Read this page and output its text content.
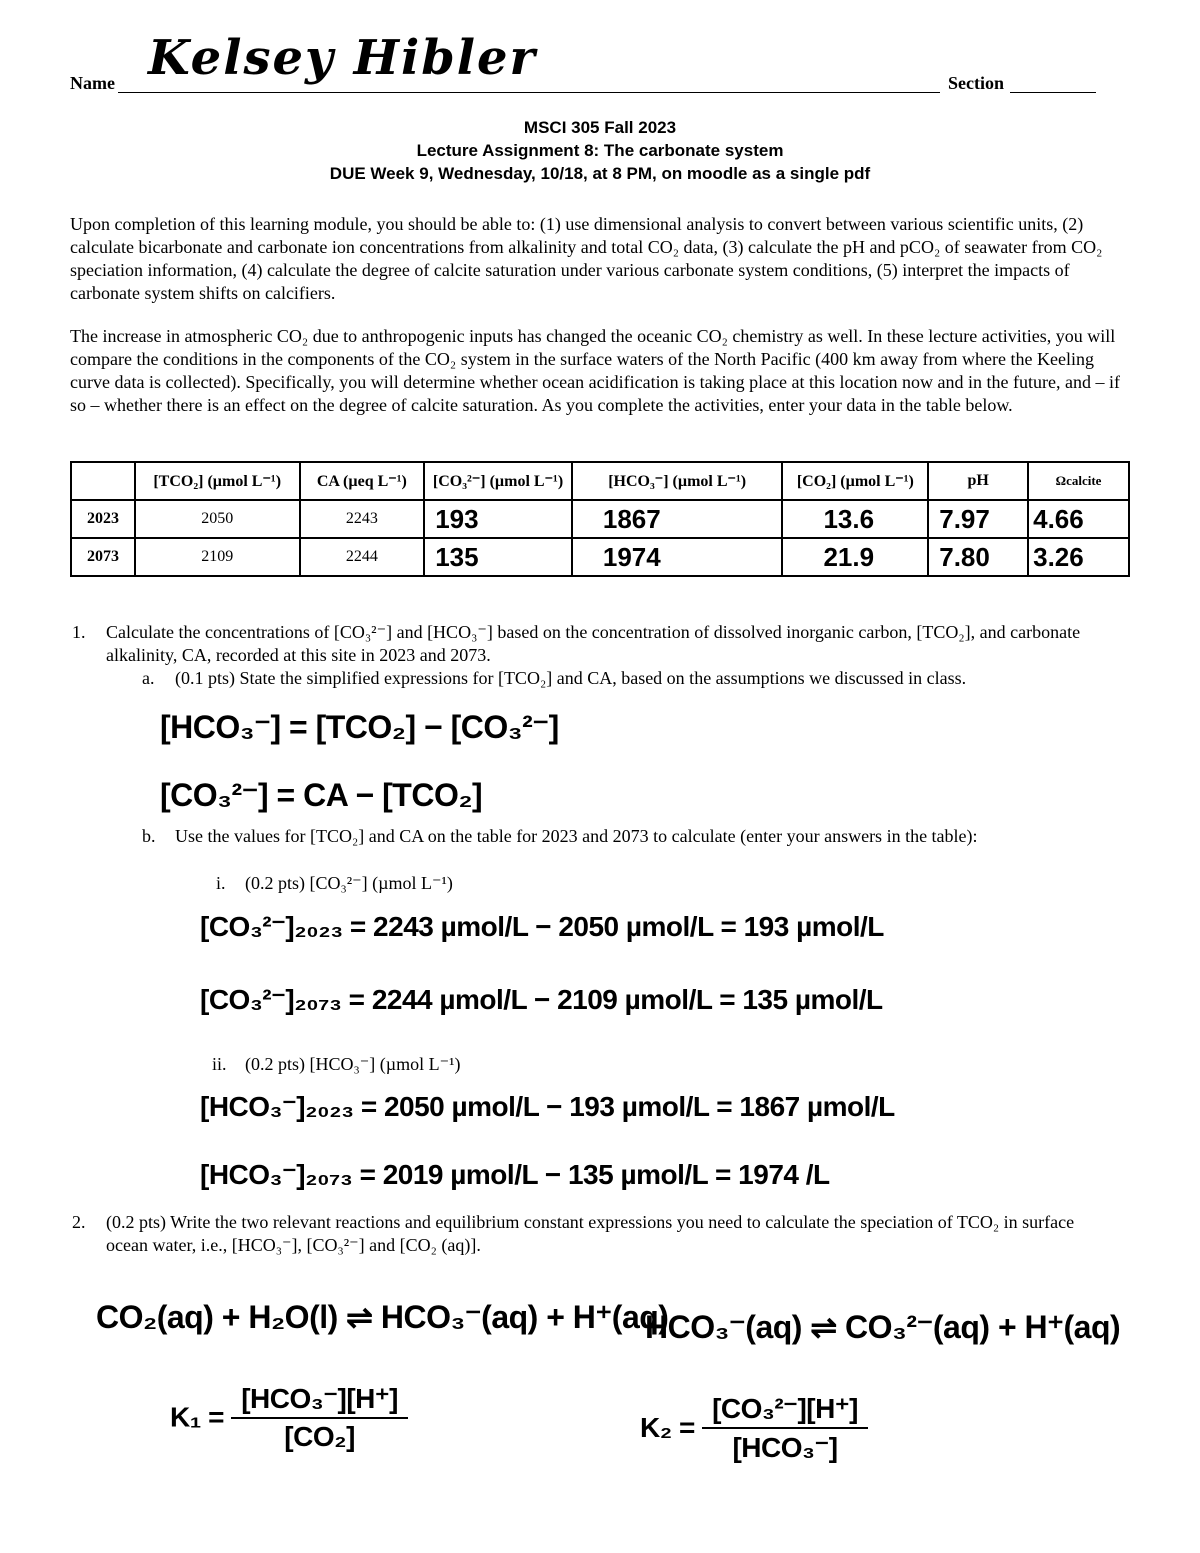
Name Kelsey Hibler	Section
MSCI 305 Fall 2023
Lecture Assignment 8: The carbonate system
DUE Week 9, Wednesday, 10/18, at 8 PM, on moodle as a single pdf
Upon completion of this learning module, you should be able to: (1) use dimensional analysis to convert between various scientific units, (2) calculate bicarbonate and carbonate ion concentrations from alkalinity and total CO₂ data, (3) calculate the pH and pCO₂ of seawater from CO₂ speciation information, (4) calculate the degree of calcite saturation under various carbonate system conditions, (5) interpret the impacts of carbonate system shifts on calcifiers.
The increase in atmospheric CO₂ due to anthropogenic inputs has changed the oceanic CO₂ chemistry as well. In these lecture activities, you will compare the conditions in the components of the CO₂ system in the surface waters of the North Pacific (400 km away from where the Keeling curve data is collected). Specifically, you will determine whether ocean acidification is taking place at this location now and in the future, and – if so – whether there is an effect on the degree of calcite saturation. As you complete the activities, enter your data in the table below.
	[TCO₂] (µmol L⁻¹)	CA (µeq L⁻¹)	[CO₃²⁻] (µmol L⁻¹)	[HCO₃⁻] (µmol L⁻¹)	[CO₂] (µmol L⁻¹)	pH	Ωcalcite
2023	2050	2243	193	1867	13.6	7.97	4.66
2073	2109	2244	135	1974	21.9	7.80	3.26
1. Calculate the concentrations of [CO₃²⁻] and [HCO₃⁻] based on the concentration of dissolved inorganic carbon, [TCO₂], and carbonate alkalinity, CA, recorded at this site in 2023 and 2073.
a. (0.1 pts) State the simplified expressions for [TCO₂] and CA, based on the assumptions we discussed in class.
[HCO₃⁻] = [TCO₂] − [CO₃²⁻]
[CO₃²⁻] = CA − [TCO₂]
b. Use the values for [TCO₂] and CA on the table for 2023 and 2073 to calculate (enter your answers in the table):
i. (0.2 pts) [CO₃²⁻] (µmol L⁻¹)
[CO₃²⁻]₂₀₂₃ = 2243 µmol/L − 2050 µmol/L = 193 µmol/L
[CO₃²⁻]₂₀₇₃ = 2244 µmol/L − 2109 µmol/L = 135 µmol/L
ii. (0.2 pts) [HCO₃⁻] (µmol L⁻¹)
[HCO₃⁻]₂₀₂₃ = 2050 µmol/L − 193 µmol/L = 1867 µmol/L
[HCO₃⁻]₂₀₇₃ = 2019 µmol/L − 135 µmol/L = 1974 /L
2. (0.2 pts) Write the two relevant reactions and equilibrium constant expressions you need to calculate the speciation of TCO₂ in surface ocean water, i.e., [HCO₃⁻], [CO₃²⁻] and [CO₂ (aq)].
CO₂(aq) + H₂O(l) ⇌ HCO₃⁻(aq) + H⁺(aq)
HCO₃⁻(aq) ⇌ CO₃²⁻(aq) + H⁺(aq)
$K_1 = \frac{\text{[HCO₃⁻][H⁺]}}{\text{[CO₂]}}$	$K_2 = \frac{\text{[CO₃²⁻][H⁺]}}{\text{[HCO₃⁻]}}$
